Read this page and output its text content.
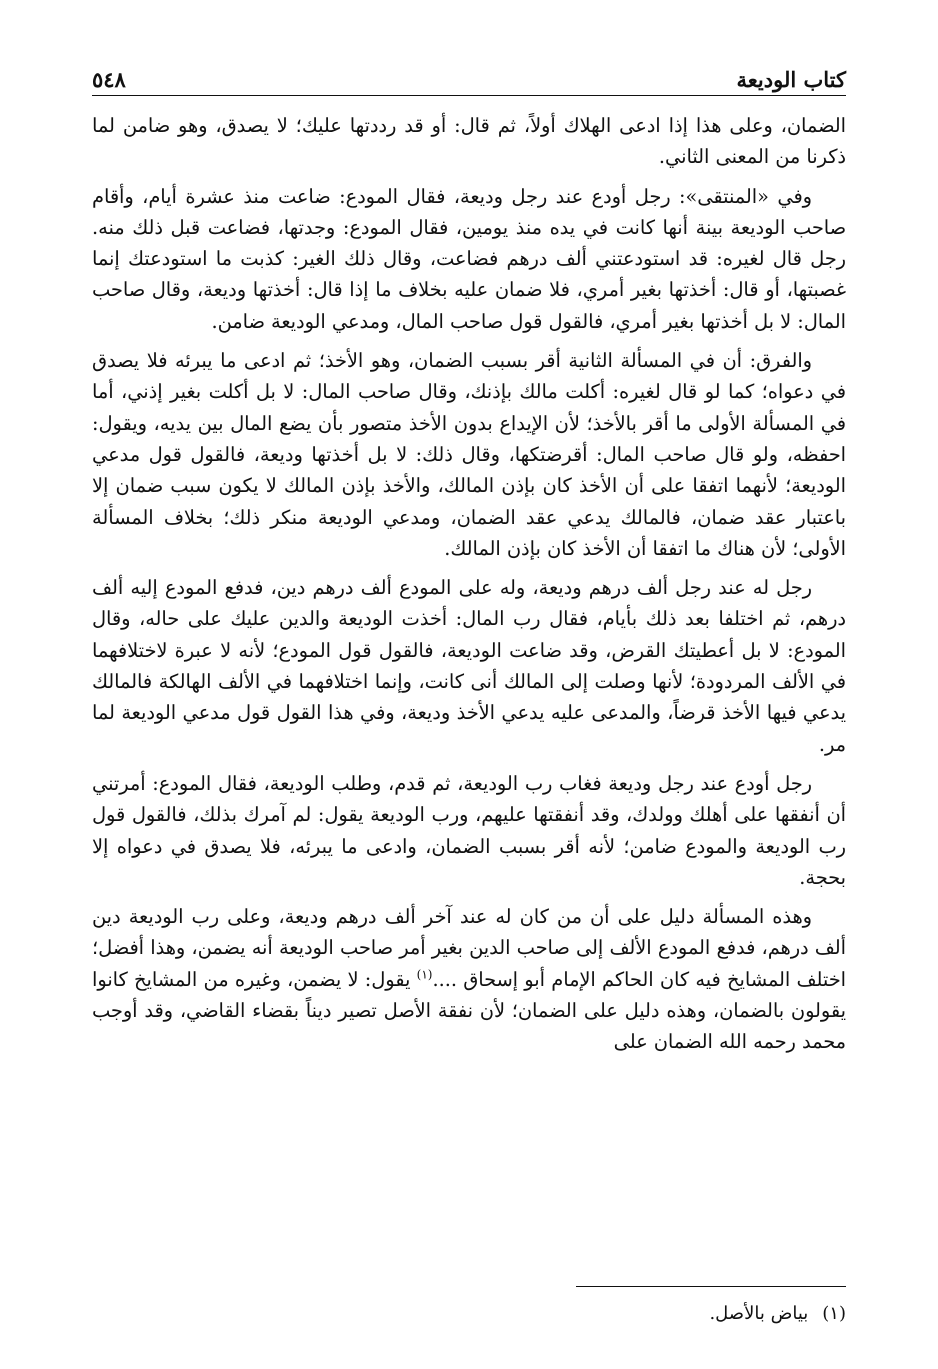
كتاب الوديعة
٥٤٨

الضمان، وعلى هذا إذا ادعى الهلاك أولاً، ثم قال: أو قد رددتها عليك؛ لا يصدق، وهو ضامن لما ذكرنا من المعنى الثاني.

وفي «المنتقى»: رجل أودع عند رجل وديعة، فقال المودع: ضاعت منذ عشرة أيام، وأقام صاحب الوديعة بينة أنها كانت في يده منذ يومين، فقال المودع: وجدتها، فضاعت قبل ذلك منه. رجل قال لغيره: قد استودعتني ألف درهم فضاعت، وقال ذلك الغير: كذبت ما استودعتك إنما غصبتها، أو قال: أخذتها بغير أمري، فلا ضمان عليه بخلاف ما إذا قال: أخذتها وديعة، وقال صاحب المال: لا بل أخذتها بغير أمري، فالقول قول صاحب المال، ومدعي الوديعة ضامن.

والفرق: أن في المسألة الثانية أقر بسبب الضمان، وهو الأخذ؛ ثم ادعى ما يبرئه فلا يصدق في دعواه؛ كما لو قال لغيره: أكلت مالك بإذنك، وقال صاحب المال: لا بل أكلت بغير إذني، أما في المسألة الأولى ما أقر بالأخذ؛ لأن الإيداع بدون الأخذ متصور بأن يضع المال بين يديه، ويقول: احفظه، ولو قال صاحب المال: أقرضتكها، وقال ذلك: لا بل أخذتها وديعة، فالقول قول مدعي الوديعة؛ لأنهما اتفقا على أن الأخذ كان بإذن المالك، والأخذ بإذن المالك لا يكون سبب ضمان إلا باعتبار عقد ضمان، فالمالك يدعي عقد الضمان، ومدعي الوديعة منكر ذلك؛ بخلاف المسألة الأولى؛ لأن هناك ما اتفقا أن الأخذ كان بإذن المالك.

رجل له عند رجل ألف درهم وديعة، وله على المودع ألف درهم دين، فدفع المودع إليه ألف درهم، ثم اختلفا بعد ذلك بأيام، فقال رب المال: أخذت الوديعة والدين عليك على حاله، وقال المودع: لا بل أعطيتك القرض، وقد ضاعت الوديعة، فالقول قول المودع؛ لأنه لا عبرة لاختلافهما في الألف المردودة؛ لأنها وصلت إلى المالك أنى كانت، وإنما اختلافهما في الألف الهالكة فالمالك يدعي فيها الأخذ قرضاً، والمدعى عليه يدعي الأخذ وديعة، وفي هذا القول قول مدعي الوديعة لما مر.

رجل أودع عند رجل وديعة فغاب رب الوديعة، ثم قدم، وطلب الوديعة، فقال المودع: أمرتني أن أنفقها على أهلك وولدك، وقد أنفقتها عليهم، ورب الوديعة يقول: لم آمرك بذلك، فالقول قول رب الوديعة والمودع ضامن؛ لأنه أقر بسبب الضمان، وادعى ما يبرئه، فلا يصدق في دعواه إلا بحجة.

وهذه المسألة دليل على أن من كان له عند آخر ألف درهم وديعة، وعلى رب الوديعة دين ألف درهم، فدفع المودع الألف إلى صاحب الدين بغير أمر صاحب الوديعة أنه يضمن، وهذا أفضل؛ اختلف المشايخ فيه كان الحاكم الإمام أبو إسحاق ....$^{(١)}$ يقول: لا يضمن، وغيره من المشايخ كانوا يقولون بالضمان، وهذه دليل على الضمان؛ لأن نفقة الأصل تصير ديناً بقضاء القاضي، وقد أوجب محمد رحمه الله الضمان على

(١)بياض بالأصل.
